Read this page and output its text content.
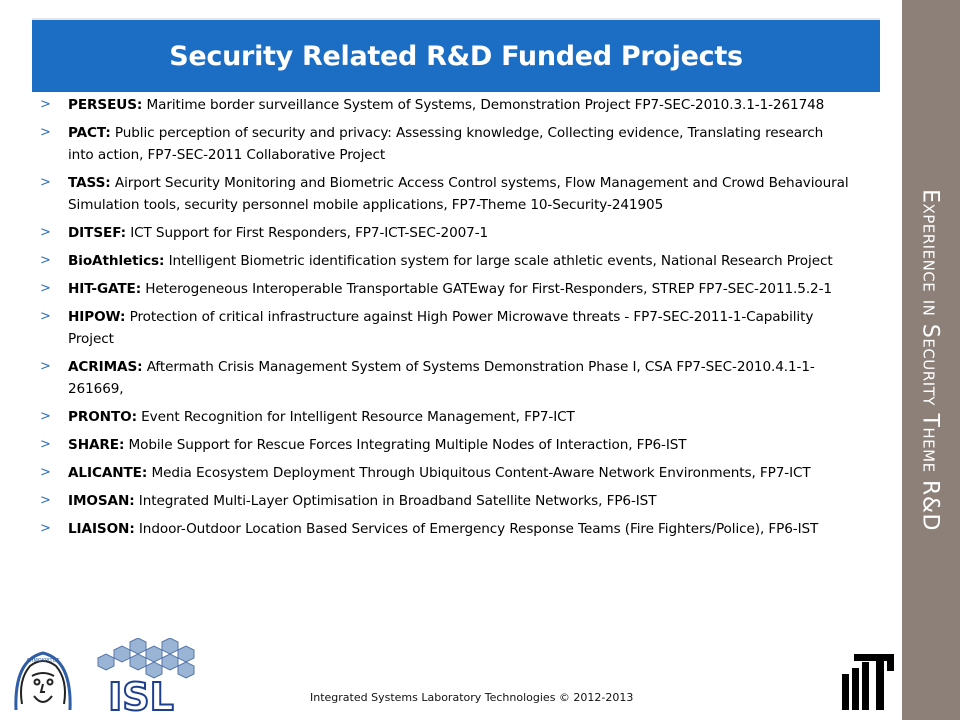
Experience in Security Theme R&D
Security Related R&D Funded Projects
> PERSEUS: Maritime border surveillance System of Systems, Demonstration Project FP7-SEC-2010.3.1-1-261748
> PACT: Public perception of security and privacy: Assessing knowledge, Collecting evidence, Translating research into action, FP7-SEC-2011 Collaborative Project
> TASS: Airport Security Monitoring and Biometric Access Control systems, Flow Management and Crowd Behavioural Simulation tools, security personnel mobile applications, FP7-Theme 10-Security-241905
> DITSEF: ICT Support for First Responders, FP7-ICT-SEC-2007-1
> BioAthletics: Intelligent Biometric identification system for large scale athletic events, National Research Project
> HIT-GATE: Heterogeneous Interoperable Transportable GATEway for First-Responders, STREP FP7-SEC-2011.5.2-1
> HIPOW: Protection of critical infrastructure against High Power Microwave threats - FP7-SEC-2011-1-Capability Project
> ACRIMAS: Aftermath Crisis Management System of Systems Demonstration Phase I, CSA FP7-SEC-2010.4.1-1-261669,
> PRONTO: Event Recognition for Intelligent Resource Management, FP7-ICT
> SHARE: Mobile Support for Rescue Forces Integrating Multiple Nodes of Interaction, FP6-IST
> ALICANTE: Media Ecosystem Deployment Through Ubiquitous Content-Aware Network Environments, FP7-ICT
> IMOSAN: Integrated Multi-Layer Optimisation in Broadband Satellite Networks, FP6-IST
> LIAISON: Indoor-Outdoor Location Based Services of Emergency Response Teams (Fire Fighters/Police), FP6-IST
ΔΗΜΟΚΡΙΤΟΣ
ISL	Integrated Systems Laboratory Technologies © 2012-2013
